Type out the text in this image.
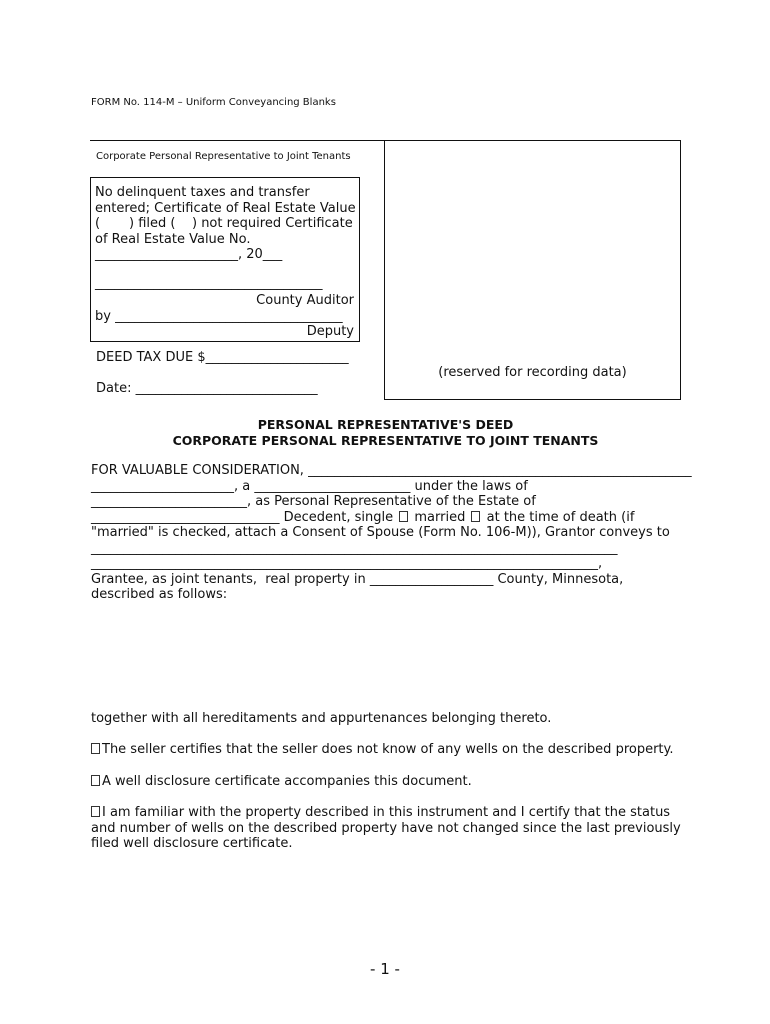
FORM No. 114-M – Uniform Conveyancing Blanks
Corporate Personal Representative to Joint Tenants
No delinquent taxes and transfer
entered; Certificate of Real Estate Value
(       ) filed (    ) not required Certificate
of Real Estate Value No.
______________________, 20___
___________________________________
County Auditor
by ___________________________________
Deputy
DEED TAX DUE $______________________
Date: ____________________________
(reserved for recording data)
PERSONAL REPRESENTATIVE'S DEED
CORPORATE PERSONAL REPRESENTATIVE TO JOINT TENANTS
FOR VALUABLE CONSIDERATION, ___________________________________________________________
______________________, a ________________________ under the laws of
________________________, as Personal Representative of the Estate of
_____________________________ Decedent, single  married  at the time of death (if
"married" is checked, attach a Consent of Spouse (Form No. 106-M)), Grantor conveys to
_________________________________________________________________________________
______________________________________________________________________________,
Grantee, as joint tenants,  real property in ___________________ County, Minnesota,
described as follows:
together with all hereditaments and appurtenances belonging thereto.
The seller certifies that the seller does not know of any wells on the described property.
A well disclosure certificate accompanies this document.
I am familiar with the property described in this instrument and I certify that the status
and number of wells on the described property have not changed since the last previously
filed well disclosure certificate.
- 1 -
